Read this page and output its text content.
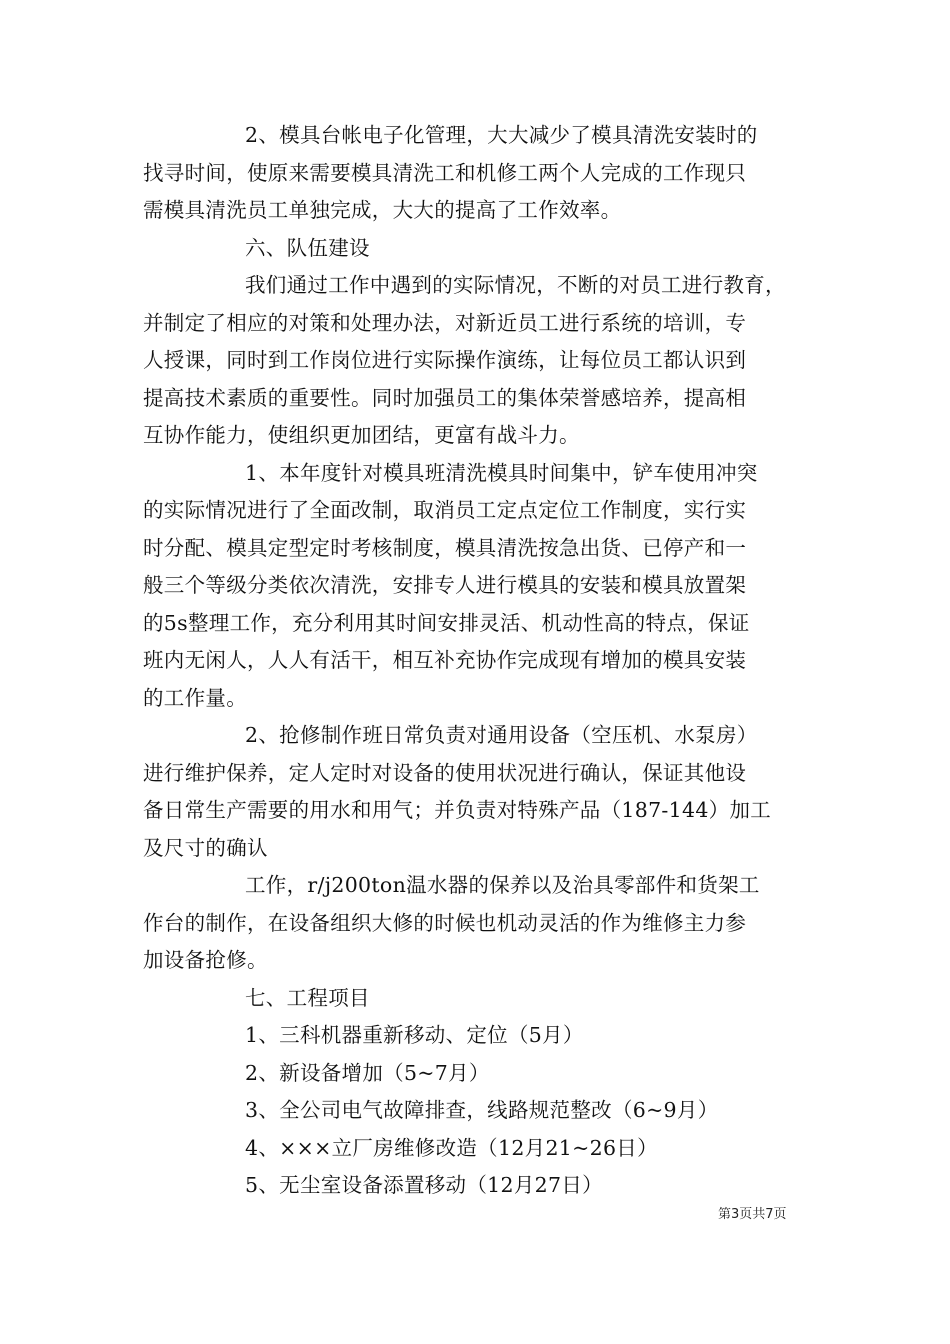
2、模具台帐电子化管理，大大减少了模具清洗安装时的
找寻时间，使原来需要模具清洗工和机修工两个人完成的工作现只
需模具清洗员工单独完成，大大的提高了工作效率。
六、队伍建设
我们通过工作中遇到的实际情况，不断的对员工进行教育，
并制定了相应的对策和处理办法，对新近员工进行系统的培训，专
人授课，同时到工作岗位进行实际操作演练，让每位员工都认识到
提高技术素质的重要性。同时加强员工的集体荣誉感培养，提高相
互协作能力，使组织更加团结，更富有战斗力。
1、本年度针对模具班清洗模具时间集中，铲车使用冲突
的实际情况进行了全面改制，取消员工定点定位工作制度，实行实
时分配、模具定型定时考核制度，模具清洗按急出货、已停产和一
般三个等级分类依次清洗，安排专人进行模具的安装和模具放置架
的5s整理工作，充分利用其时间安排灵活、机动性高的特点，保证
班内无闲人，人人有活干，相互补充协作完成现有增加的模具安装
的工作量。
2、抢修制作班日常负责对通用设备（空压机、水泵房）
进行维护保养，定人定时对设备的使用状况进行确认，保证其他设
备日常生产需要的用水和用气；并负责对特殊产品（187-144）加工
及尺寸的确认
工作，r/j200ton温水器的保养以及治具零部件和货架工
作台的制作，在设备组织大修的时候也机动灵活的作为维修主力参
加设备抢修。
七、工程项目
1、三科机器重新移动、定位（5月）
2、新设备增加（5~7月）
3、全公司电气故障排查，线路规范整改（6~9月）
4、×××立厂房维修改造（12月21~26日）
5、无尘室设备添置移动（12月27日）
第3页共7页
